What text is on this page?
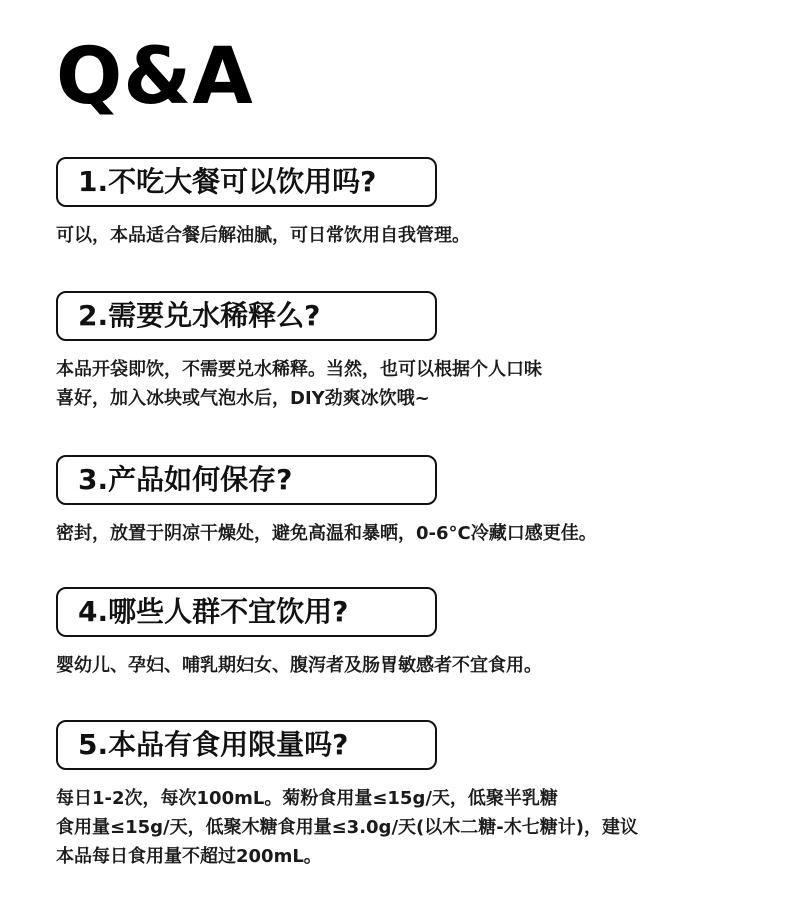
Q&A
1.不吃大餐可以饮用吗?
可以，本品适合餐后解油腻，可日常饮用自我管理。
2.需要兑水稀释么?
本品开袋即饮，不需要兑水稀释。当然，也可以根据个人口味
喜好，加入冰块或气泡水后，DIY劲爽冰饮哦~
3.产品如何保存?
密封，放置于阴凉干燥处，避免高温和暴晒，0-6°C冷藏口感更佳。
4.哪些人群不宜饮用?
婴幼儿、孕妇、哺乳期妇女、腹泻者及肠胃敏感者不宜食用。
5.本品有食用限量吗?
每日1-2次，每次100mL。菊粉食用量≤15g/天，低聚半乳糖
食用量≤15g/天，低聚木糖食用量≤3.0g/天(以木二糖-木七糖计)，建议
本品每日食用量不超过200mL。
